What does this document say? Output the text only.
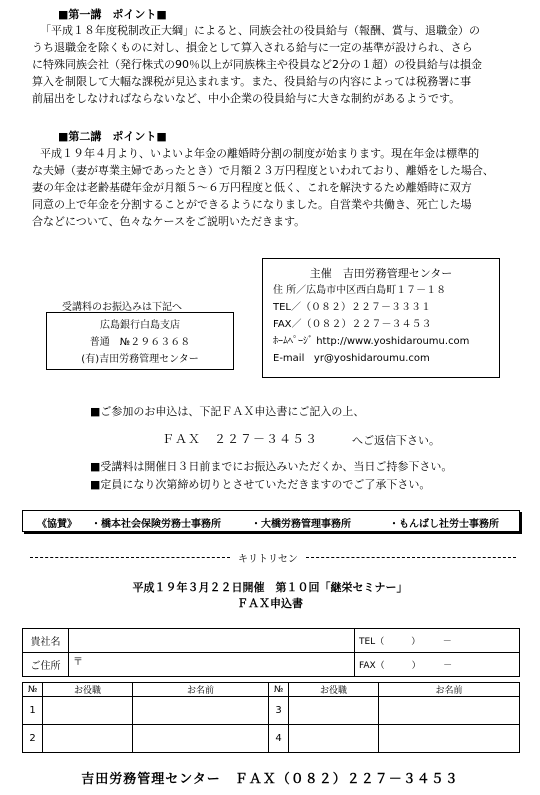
■第一講　ポイント■
「平成１８年度税制改正大綱」によると、同族会社の役員給与（報酬、賞与、退職金）の
うち退職金を除くものに対し、損金として算入される給与に一定の基準が設けられ、さら
に特殊同族会社（発行株式の90％以上が同族株主や役員など2分の１超）の役員給与は損金
算入を制限して大幅な課税が見込まれます。また、役員給与の内容によっては税務署に事
前届出をしなければならないなど、中小企業の役員給与に大きな制約があるようです。
■第二講　ポイント■
平成１９年４月より、いよいよ年金の離婚時分割の制度が始まります。現在年金は標準的
な夫婦（妻が専業主婦であったとき）で月額２３万円程度といわれており、離婚をした場合、
妻の年金は老齢基礎年金が月額５～６万円程度と低く、これを解決するため離婚時に双方
同意の上で年金を分割することができるようになりました。自営業や共働き、死亡した場
合などについて、色々なケースをご説明いただきます。
主催　吉田労務管理センター
住 所／広島市中区西白島町１７－１８
TEL／（０８２）２２７－３３３１
FAX／（０８２）２２７－３４５３
ﾎｰﾑﾍﾟｰｼﾞ http://www.yoshidaroumu.com
E-mail yr@yoshidaroumu.com
受講料のお振込みは下記へ
広島銀行白島支店
普通　№２９６３６８
(有)吉田労務管理センター
■ご参加のお申込は、下記ＦＡＸ申込書にご記入の上、
ＦＡＸ　２２７－３４５３	へご返信下さい。
■受講料は開催日３日前までにお振込みいただくか、当日ご持参下さい。
■定員になり次第締め切りとさせていただきますのでご了承下さい。
《協賛》 ・橋本社会保険労務士事務所	・大橋労務管理事務所	・もんばし社労士事務所
キリトリセン
平成１９年３月２２日開催　第１０回「継栄セミナー」
ＦＡＸ申込書
貴社名		TEL（　　　）　　　－
ご住所	〒	FAX（　　　）　　　－
№	お役職	お名前	№	お役職	お名前
1			3		
2			4		
吉田労務管理センター　ＦＡＸ（０８２）２２７－３４５３
